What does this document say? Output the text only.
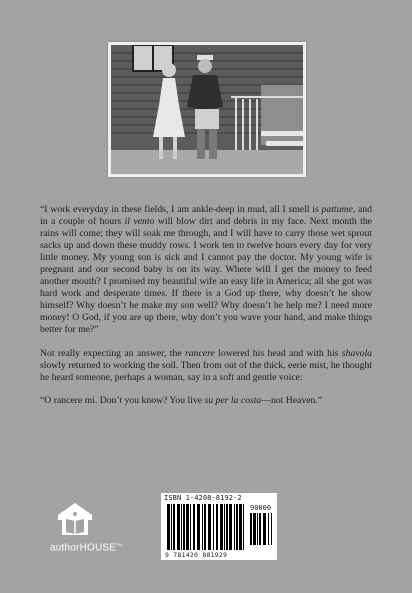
“I work everyday in these fields, I am ankle-deep in mud, all I smell is pattume, and in a couple of hours il vento will blow dirt and debris in my face. Next month the rains will come; they will soak me through, and I will have to carry those wet sprout sacks up and down these muddy rows. I work ten to twelve hours every day for very little money. My young son is sick and I cannot pay the doctor. My young wife is pregnant and our second baby is on its way. Where will I get the money to feed another mouth? I promised my beautiful wife an easy life in America; all she got was hard work and desperate times. If there is a God up there, why doesn’t he show himself? Why doesn’t he make my son well? Why doesn’t he help me? I need more money! O God, if you are up there, why don’t you wave your hand, and make things better for me?”

Not really expecting an answer, the rancere lowered his head and with his shavola slowly returned to working the soil. Then from out of the thick, eerie mist, he thought he heard someone, perhaps a woman, say in a soft and gentle voice:

“O rancere mi. Don’t you know? You live su per la costa—not Heaven.”

authorHOUSE™
ISBN 1-4208-8192-2
90000
9 781420 881929
